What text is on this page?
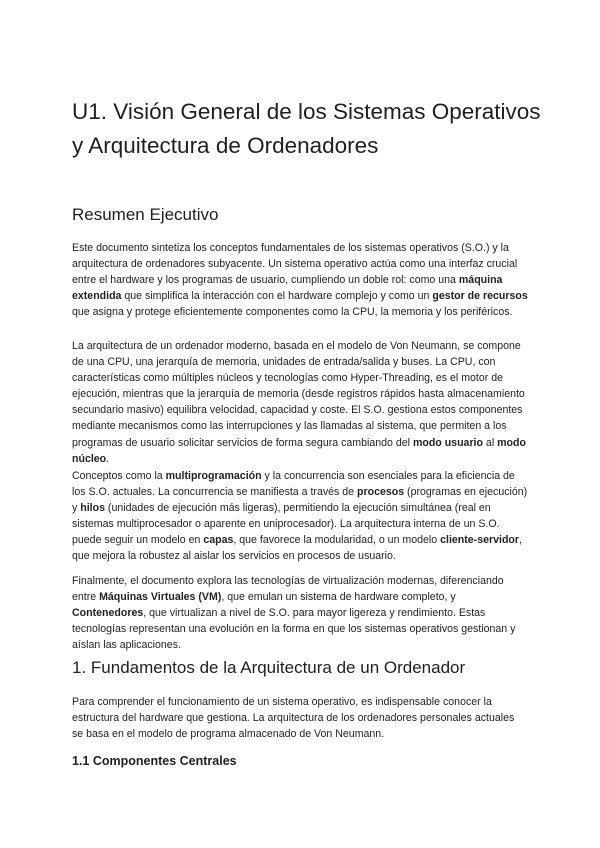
U1. Visión General de los Sistemas Operativos y Arquitectura de Ordenadores
Resumen Ejecutivo

Este documento sintetiza los conceptos fundamentales de los sistemas operativos (S.O.) y la arquitectura de ordenadores subyacente. Un sistema operativo actúa como una interfaz crucial entre el hardware y los programas de usuario, cumpliendo un doble rol: como una máquina extendida que simplifica la interacción con el hardware complejo y como un gestor de recursos que asigna y protege eficientemente componentes como la CPU, la memoria y los periféricos.

La arquitectura de un ordenador moderno, basada en el modelo de Von Neumann, se compone de una CPU, una jerarquía de memoria, unidades de entrada/salida y buses. La CPU, con características como múltiples núcleos y tecnologías como Hyper-Threading, es el motor de ejecución, mientras que la jerarquía de memoria (desde registros rápidos hasta almacenamiento secundario masivo) equilibra velocidad, capacidad y coste. El S.O. gestiona estos componentes mediante mecanismos como las interrupciones y las llamadas al sistema, que permiten a los programas de usuario solicitar servicios de forma segura cambiando del modo usuario al modo núcleo.

Conceptos como la multiprogramación y la concurrencia son esenciales para la eficiencia de los S.O. actuales. La concurrencia se manifiesta a través de procesos (programas en ejecución) y hilos (unidades de ejecución más ligeras), permitiendo la ejecución simultánea (real en sistemas multiprocesador o aparente en uniprocesador). La arquitectura interna de un S.O. puede seguir un modelo en capas, que favorece la modularidad, o un modelo cliente-servidor, que mejora la robustez al aislar los servicios en procesos de usuario.

Finalmente, el documento explora las tecnologías de virtualización modernas, diferenciando entre Máquinas Virtuales (VM), que emulan un sistema de hardware completo, y Contenedores, que virtualizan a nivel de S.O. para mayor ligereza y rendimiento. Estas tecnologías representan una evolución en la forma en que los sistemas operativos gestionan y aíslan las aplicaciones.

1. Fundamentos de la Arquitectura de un Ordenador

Para comprender el funcionamiento de un sistema operativo, es indispensable conocer la estructura del hardware que gestiona. La arquitectura de los ordenadores personales actuales se basa en el modelo de programa almacenado de Von Neumann.

1.1 Componentes Centrales
